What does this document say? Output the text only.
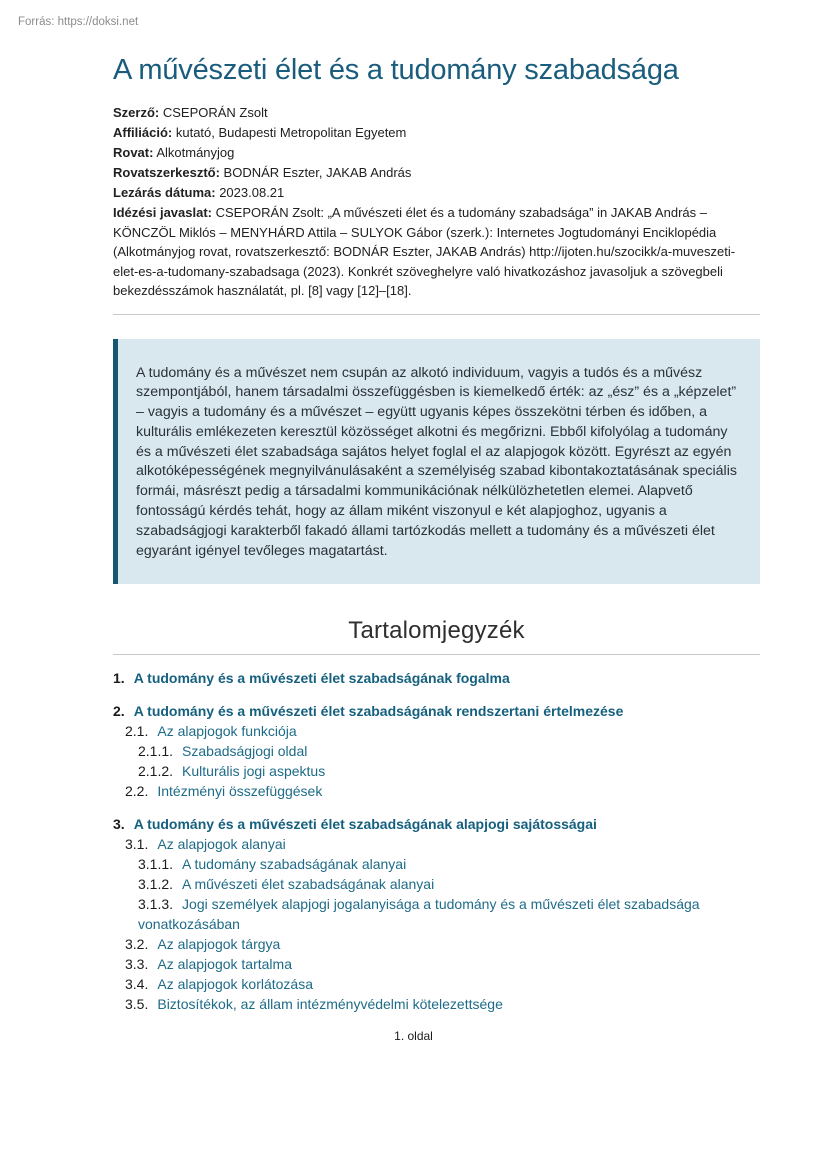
Forrás: https://doksi.net
A művészeti élet és a tudomány szabadsága
Szerző: CSEPORÁN Zsolt
Affiliáció: kutató, Budapesti Metropolitan Egyetem
Rovat: Alkotmányjog
Rovatszerkesztő: BODNÁR Eszter, JAKAB András
Lezárás dátuma: 2023.08.21

Idézési javaslat: CSEPORÁN Zsolt: „A művészeti élet és a tudomány szabadsága” in JAKAB András – KÖNCZÖL Miklós – MENYHÁRD Attila – SULYOK Gábor (szerk.): Internetes Jogtudományi Enciklopédia (Alkotmányjog rovat, rovatszerkesztő: BODNÁR Eszter, JAKAB András) http://ijoten.hu/szocikk/a-muveszeti-elet-es-a-tudomany-szabadsaga (2023). Konkrét szöveghelyre való hivatkozáshoz javasoljuk a szövegbeli bekezdésszámok használatát, pl. [8] vagy [12]–[18].

A tudomány és a művészet nem csupán az alkotó individuum, vagyis a tudós és a művész szempontjából, hanem társadalmi összefüggésben is kiemelkedő érték: az „ész” és a „képzelet” – vagyis a tudomány és a művészet – együtt ugyanis képes összekötni térben és időben, a kulturális emlékezeten keresztül közösséget alkotni és megőrizni. Ebből kifolyólag a tudomány és a művészeti élet szabadsága sajátos helyet foglal el az alapjogok között. Egyrészt az egyén alkotóképességének megnyilvánulásaként a személyiség szabad kibontakoztatásának speciális formái, másrészt pedig a társadalmi kommunikációnak nélkülözhetetlen elemei. Alapvető fontosságú kérdés tehát, hogy az állam miként viszonyul e két alapjoghoz, ugyanis a szabadságjogi karakterből fakadó állami tartózkodás mellett a tudomány és a művészeti élet egyaránt igényel tevőleges magatartást.
Tartalomjegyzék
1. A tudomány és a művészeti élet szabadságának fogalma
2. A tudomány és a művészeti élet szabadságának rendszertani értelmezése
2.1. Az alapjogok funkciója
2.1.1. Szabadságjogi oldal
2.1.2. Kulturális jogi aspektus
2.2. Intézményi összefüggések
3. A tudomány és a művészeti élet szabadságának alapjogi sajátosságai
3.1. Az alapjogok alanyai
3.1.1. A tudomány szabadságának alanyai
3.1.2. A művészeti élet szabadságának alanyai
3.1.3. Jogi személyek alapjogi jogalanyisága a tudomány és a művészeti élet szabadsága vonatkozásában
3.2. Az alapjogok tárgya
3.3. Az alapjogok tartalma
3.4. Az alapjogok korlátozása
3.5. Biztosítékok, az állam intézményvédelmi kötelezettsége
1. oldal
